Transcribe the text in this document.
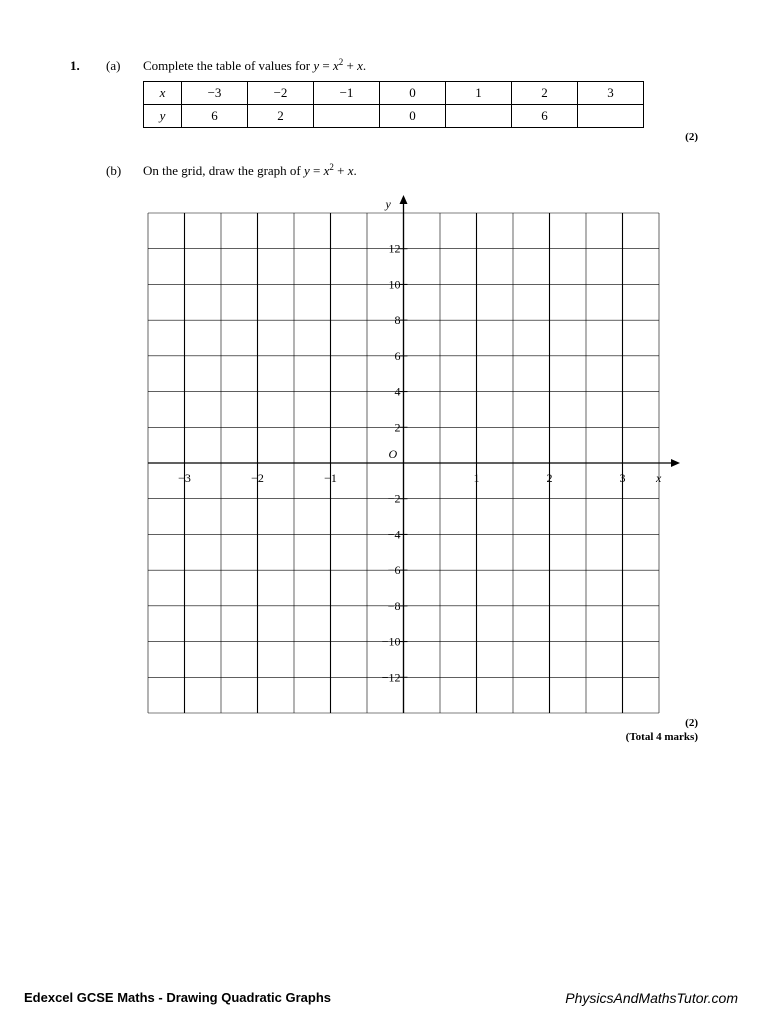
1. (a) Complete the table of values for $y = x^2 + x$.
x	−3	−2	−1	0	1	2	3
y	6	2		0		6	
(2)
(b) On the grid, draw the graph of $y = x^2 + x$.
x
y
O
−3	−2	−1	1	2	3
12
10
8
6
4
2
−2
−4
−6
−8
−10
−12
(2)
(Total 4 marks)
Edexcel GCSE Maths - Drawing Quadratic Graphs	PhysicsAndMathsTutor.com
